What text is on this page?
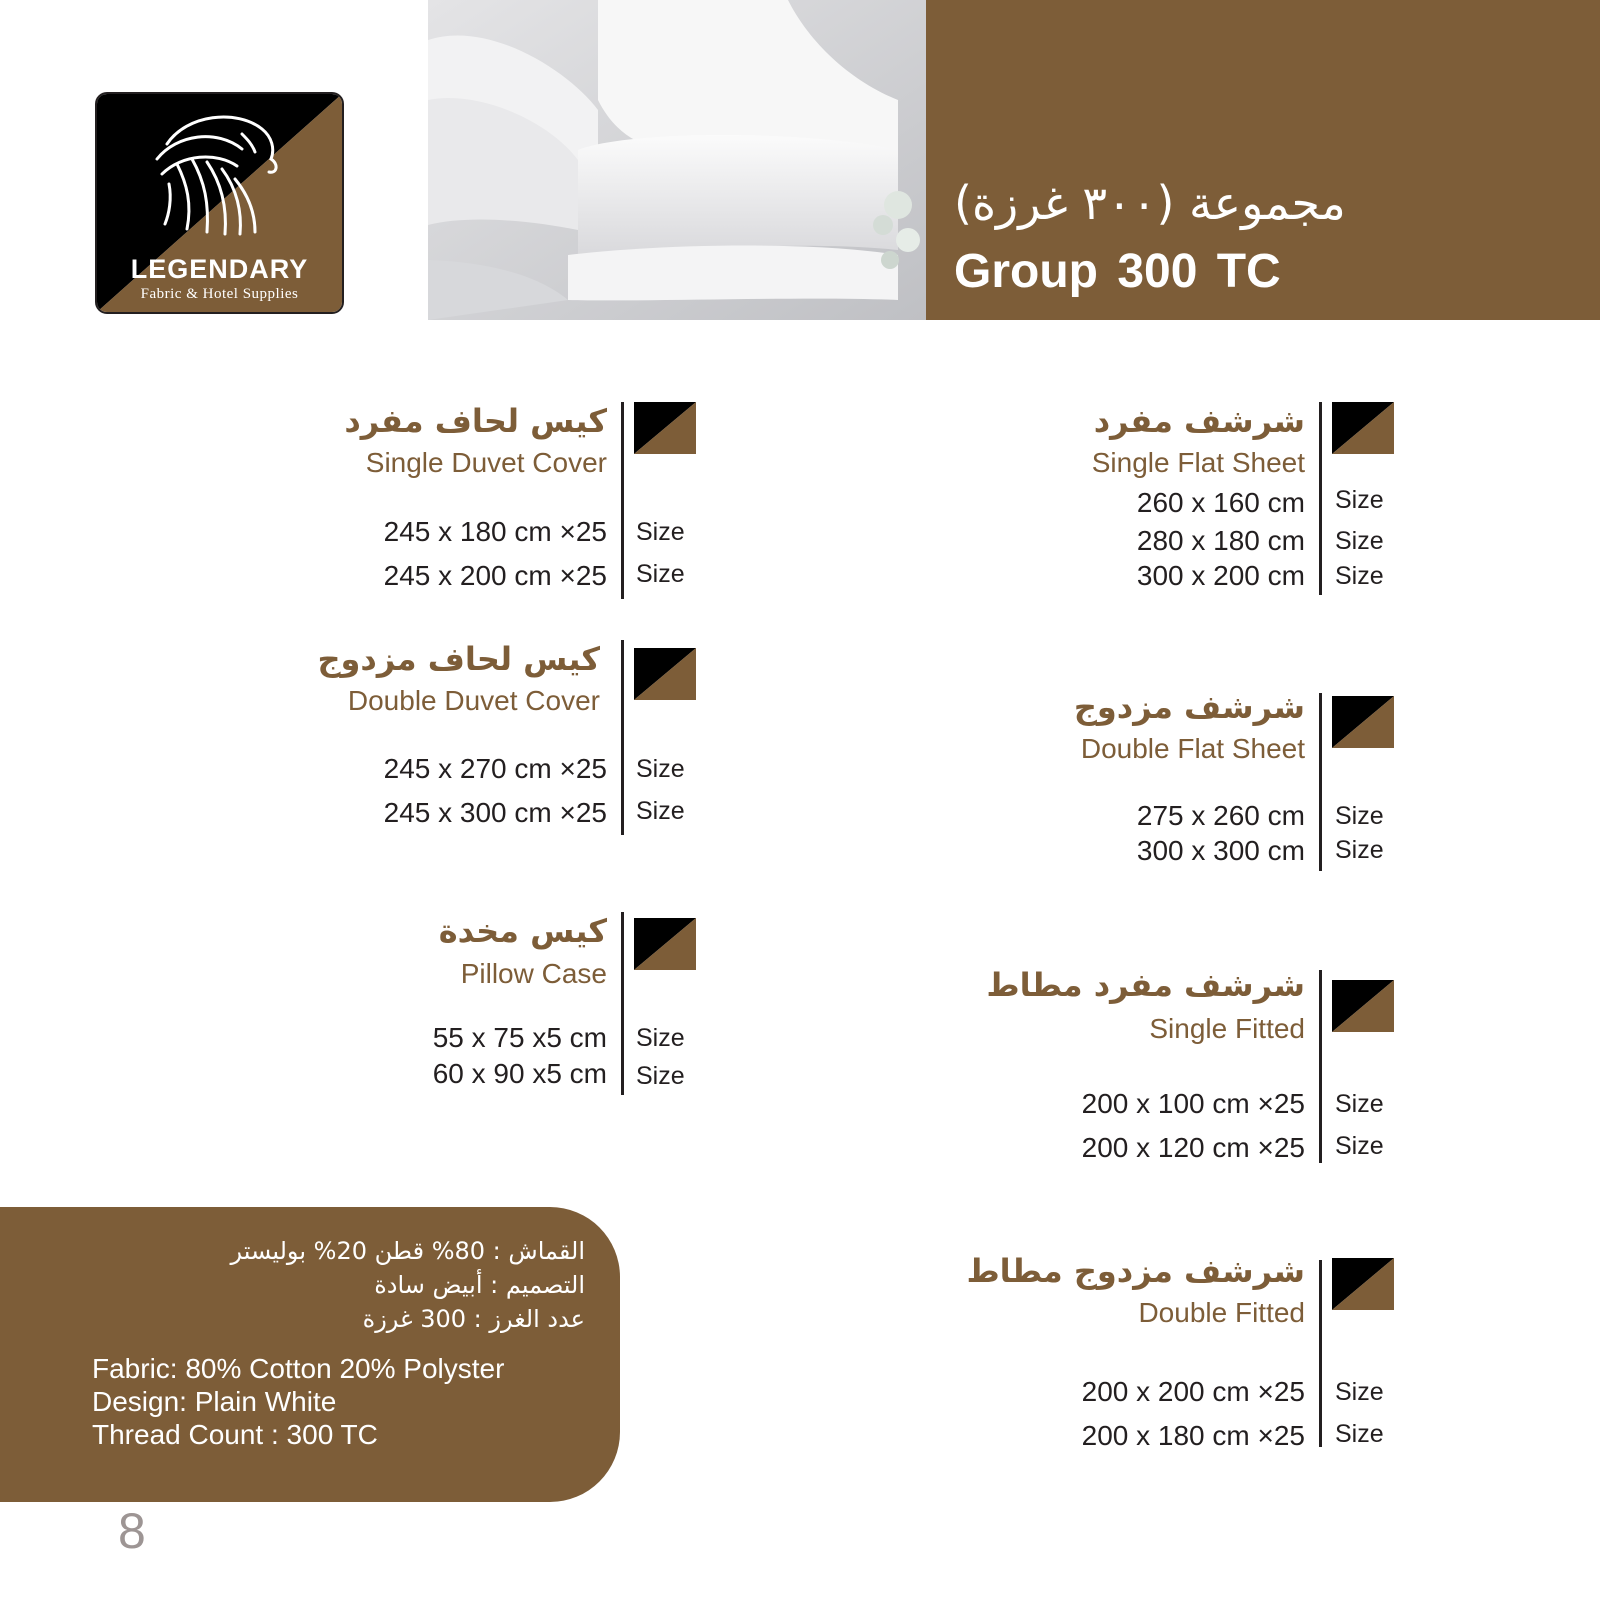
LEGENDARY
Fabric & Hotel Supplies
مجموعة (٣٠٠ غرزة)
Group 300 TC
كيس لحاف مفرد
Single Duvet Cover
245 x 180 cm ×25
245 x 200 cm ×25
Size
Size
كيس لحاف مزدوج
Double Duvet Cover
245 x 270 cm ×25
245 x 300 cm ×25
Size
Size
كيس مخدة
Pillow Case
55 x 75 x5 cm
60 x 90 x5 cm
Size
Size
شرشف مفرد
Single Flat Sheet
260 x 160 cm
280 x 180 cm
300 x 200 cm
Size
Size
Size
شرشف مزدوج
Double Flat Sheet
275 x 260 cm
300 x 300 cm
Size
Size
شرشف مفرد مطاط
Single Fitted
200 x 100 cm ×25
200 x 120 cm ×25
Size
Size
شرشف مزدوج مطاط
Double Fitted
200 x 200 cm ×25
200 x 180 cm ×25
Size
Size
القماش : 80% قطن 20% بوليستر
التصميم : أبيض سادة
عدد الغرز : 300 غرزة
Fabric: 80% Cotton 20% Polyster
Design: Plain White
Thread Count : 300 TC
8
